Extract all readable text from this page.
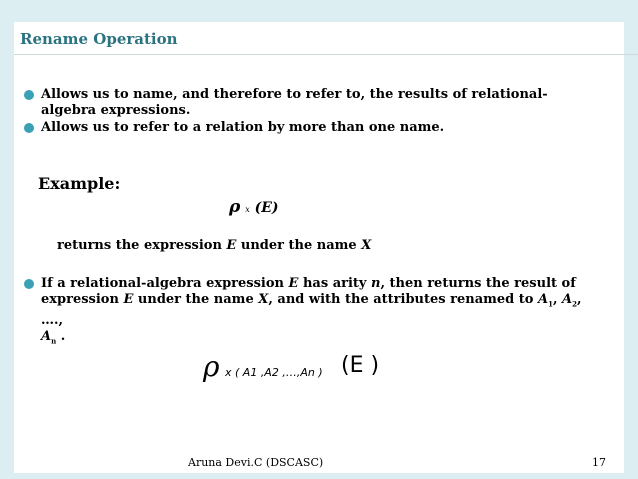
Rename Operation
Allows us to name, and therefore to refer to, the results of relational-algebra expressions.
Allows us to refer to a relation by more than one name.
Example:
ρ x (E)
returns the expression E under the name X
If a relational-algebra expression E has arity n, then returns the result of expression E under the name X, and with the attributes renamed to $A_1$, $A_2$, ….,
$A_n$ .
ρ x ( A1 ,A2 ,…,An ) (E )
Aruna Devi.C (DSCASC)	17
